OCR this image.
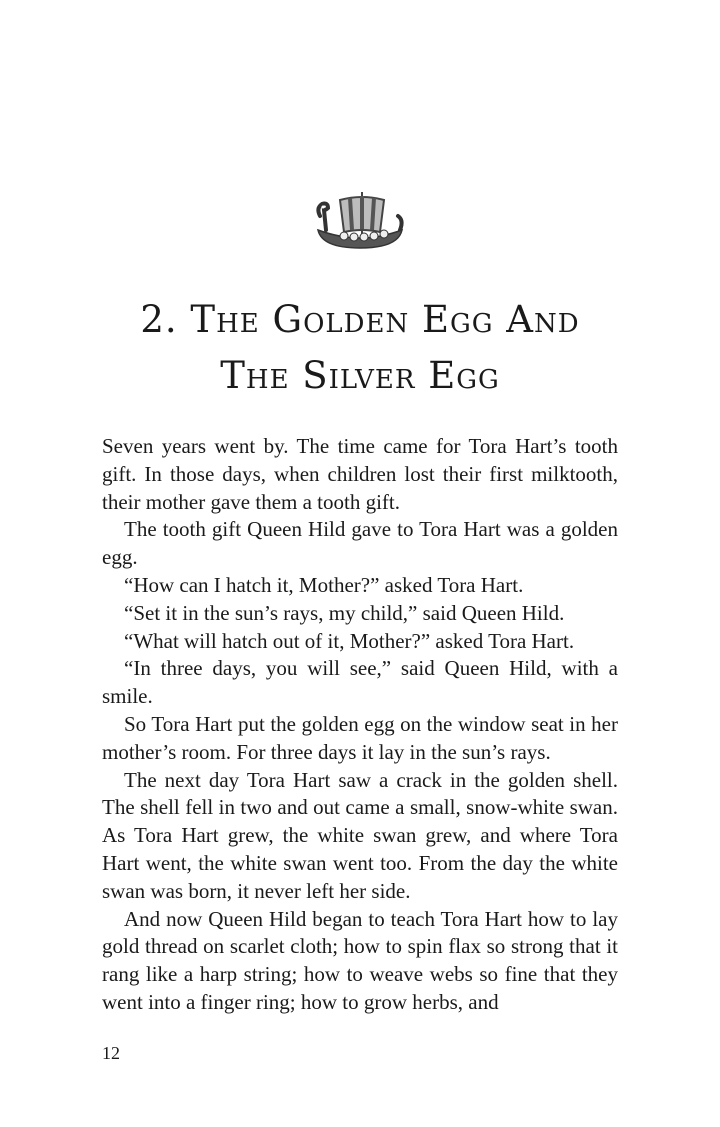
2. The Golden Egg And
The Silver Egg

Seven years went by. The time came for Tora Hart’s tooth gift. In those days, when children lost their first milktooth, their mother gave them a tooth gift.

The tooth gift Queen Hild gave to Tora Hart was a golden egg.

“How can I hatch it, Mother?” asked Tora Hart.

“Set it in the sun’s rays, my child,” said Queen Hild.

“What will hatch out of it, Mother?” asked Tora Hart.

“In three days, you will see,” said Queen Hild, with a smile.

So Tora Hart put the golden egg on the window seat in her mother’s room. For three days it lay in the sun’s rays.

The next day Tora Hart saw a crack in the golden shell. The shell fell in two and out came a small, snow-white swan. As Tora Hart grew, the white swan grew, and where Tora Hart went, the white swan went too. From the day the white swan was born, it never left her side.

And now Queen Hild began to teach Tora Hart how to lay gold thread on scarlet cloth; how to spin flax so strong that it rang like a harp string; how to weave webs so fine that they went into a finger ring; how to grow herbs, and

12
